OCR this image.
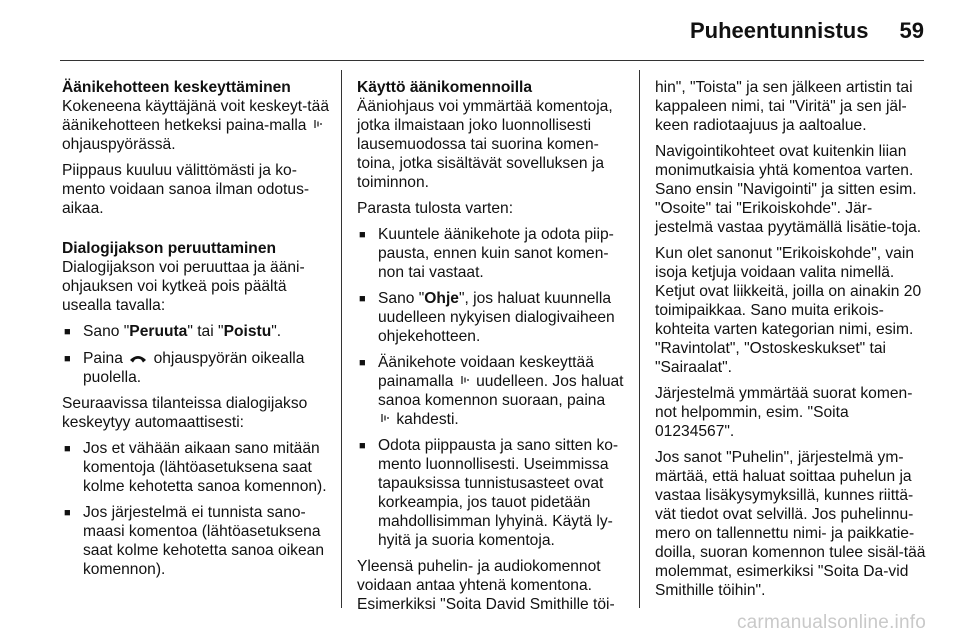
Puheentunnistus	59

Äänikehotteen keskeyttäminen

Kokeneena käyttäjänä voit keskeyt-tää äänikehotteen hetkeksi paina-malla  ohjauspyörässä.

Piippaus kuuluu välittömästi ja ko-mento voidaan sanoa ilman odotus-aikaa.

Dialogijakson peruuttaminen

Dialogijakson voi peruuttaa ja ääni-ohjauksen voi kytkeä pois päältä usealla tavalla:

■ Sano "Peruuta" tai "Poistu".
■ Paina ohjauspyörän oikealla puolella.

Seuraavissa tilanteissa dialogijakso keskeytyy automaattisesti:

■ Jos et vähään aikaan sano mitään komentoja (lähtöasetuksena saat kolme kehotetta sanoa komennon).
■ Jos järjestelmä ei tunnista sano-maasi komentoa (lähtöasetuksena saat kolme kehotetta sanoa oikean komennon).

Käyttö äänikomennoilla

Ääniohjaus voi ymmärtää komentoja, jotka ilmaistaan joko luonnollisesti lausemuodossa tai suorina komen-toina, jotka sisältävät sovelluksen ja toiminnon.

Parasta tulosta varten:

■ Kuuntele äänikehote ja odota piip-pausta, ennen kuin sanot komen-non tai vastaat.
■ Sano "Ohje", jos haluat kuunnella uudelleen nykyisen dialogivaiheen ohjekehotteen.
■ Äänikehote voidaan keskeyttää painamalla uudelleen. Jos haluat sanoa komennon suoraan, paina
kahdesti.
■ Odota piippausta ja sano sitten ko-mento luonnollisesti. Useimmissa tapauksissa tunnistusasteet ovat korkeampia, jos tauot pidetään mahdollisimman lyhyinä. Käytä ly-hyitä ja suoria komentoja.

Yleensä puhelin- ja audiokomennot voidaan antaa yhtenä komentona. Esimerkiksi "Soita David Smithille töi-

hin", "Toista" ja sen jälkeen artistin tai kappaleen nimi, tai "Viritä" ja sen jäl-keen radiotaajuus ja aaltoalue.

Navigointikohteet ovat kuitenkin liian monimutkaisia yhtä komentoa varten. Sano ensin "Navigointi" ja sitten esim. "Osoite" tai "Erikoiskohde". Jär-jestelmä vastaa pyytämällä lisätie-toja.

Kun olet sanonut "Erikoiskohde", vain isoja ketjuja voidaan valita nimellä. Ketjut ovat liikkeitä, joilla on ainakin 20 toimipaikkaa. Sano muita erikois-kohteita varten kategorian nimi, esim. "Ravintolat", "Ostoskeskukset" tai "Sairaalat".

Järjestelmä ymmärtää suorat komen-not helpommin, esim. "Soita 01234567".

Jos sanot "Puhelin", järjestelmä ym-märtää, että haluat soittaa puhelun ja vastaa lisäkysymyksillä, kunnes riittä-vät tiedot ovat selvillä. Jos puhelinnu-mero on tallennettu nimi- ja paikkatie-doilla, suoran komennon tulee sisäl-tää molemmat, esimerkiksi "Soita Da-vid Smithille töihin".

carmanualsonline.info
